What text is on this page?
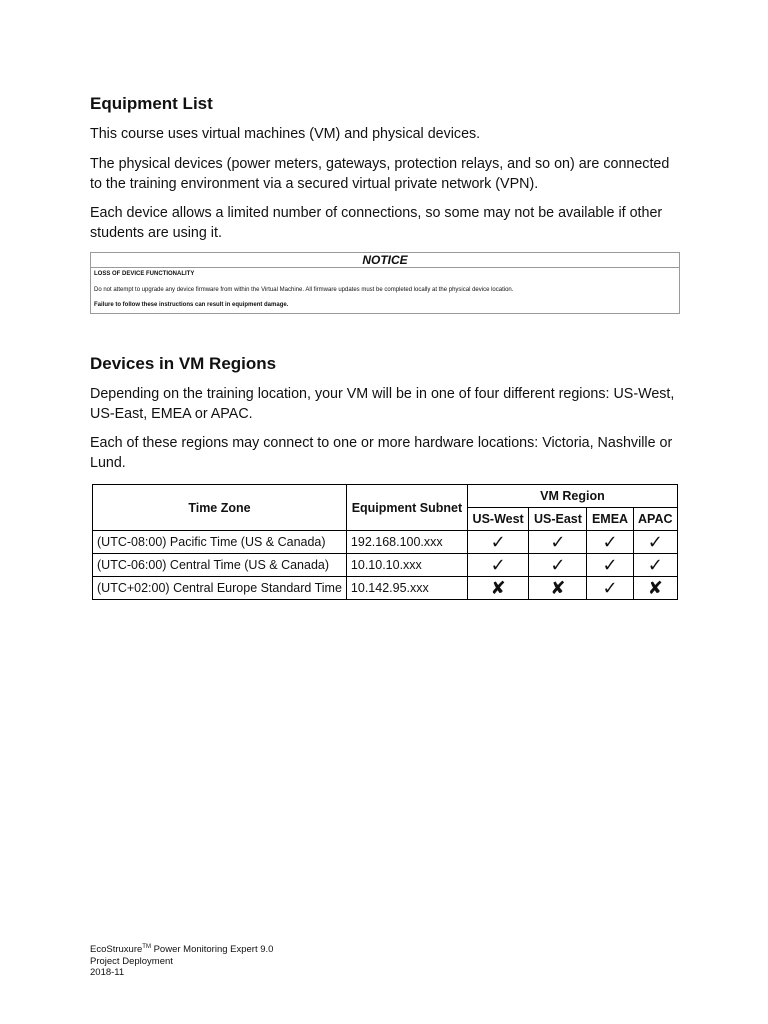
Equipment List

This course uses virtual machines (VM) and physical devices.

The physical devices (power meters, gateways, protection relays, and so on) are connected to the training environment via a secured virtual private network (VPN).

Each device allows a limited number of connections, so some may not be available if other students are using it.

NOTICE
LOSS OF DEVICE FUNCTIONALITY
Do not attempt to upgrade any device firmware from within the Virtual Machine. All firmware updates must be completed locally at the physical device location.
Failure to follow these instructions can result in equipment damage.
Devices in VM Regions

Depending on the training location, your VM will be in one of four different regions: US-West, US-East, EMEA or APAC.

Each of these regions may connect to one or more hardware locations: Victoria, Nashville or Lund.

Time Zone	Equipment Subnet	VM Region			
		US-West	US-East	EMEA	APAC
(UTC-08:00) Pacific Time (US & Canada)	192.168.100.xxx	✓	✓	✓	✓
(UTC-06:00) Central Time (US & Canada)	10.10.10.xxx	✓	✓	✓	✓
(UTC+02:00) Central Europe Standard Time	10.142.95.xxx	✘	✘	✓	✘
EcoStruxure™ Power Monitoring Expert 9.0
Project Deployment
2018-11
